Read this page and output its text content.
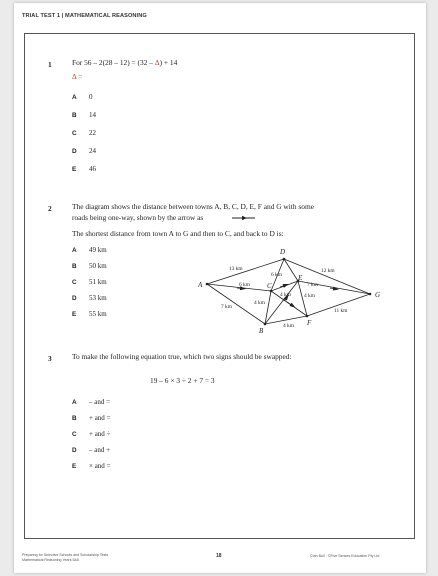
TRIAL TEST 1 | MATHEMATICAL REASONING
1	For 56 – 2(28 – 12) = (32 – Δ) + 14
Δ =
A 0
B 14
C 22
D 24
E 46
2	The diagram shows the distance between towns A, B, C, D, E, F and G with some
roads being one-way, shown by the arrow as
The shortest distance from town A to G and then to C, and back to D is:
A 49 km
B 50 km
C 51 km
D 53 km
E 55 km
A
B
C
D
E
F
G
13 km
6 km
12 km
6 km	7 km
4 km 4 km
4 km
7 km
11 km
4 km
3	To make the following equation true, which two signs should be swapped:
19 – 6 × 3 ÷ 2 + 7 = 3
A – and =
B + and =
C + and ÷
D – and +
E × and =
Preparing for Selective Schools and Scholarship Tests
Mathematical Reasoning Years 5&6
18	©Ian Bull · ©Five Senses Education Pty Ltd
